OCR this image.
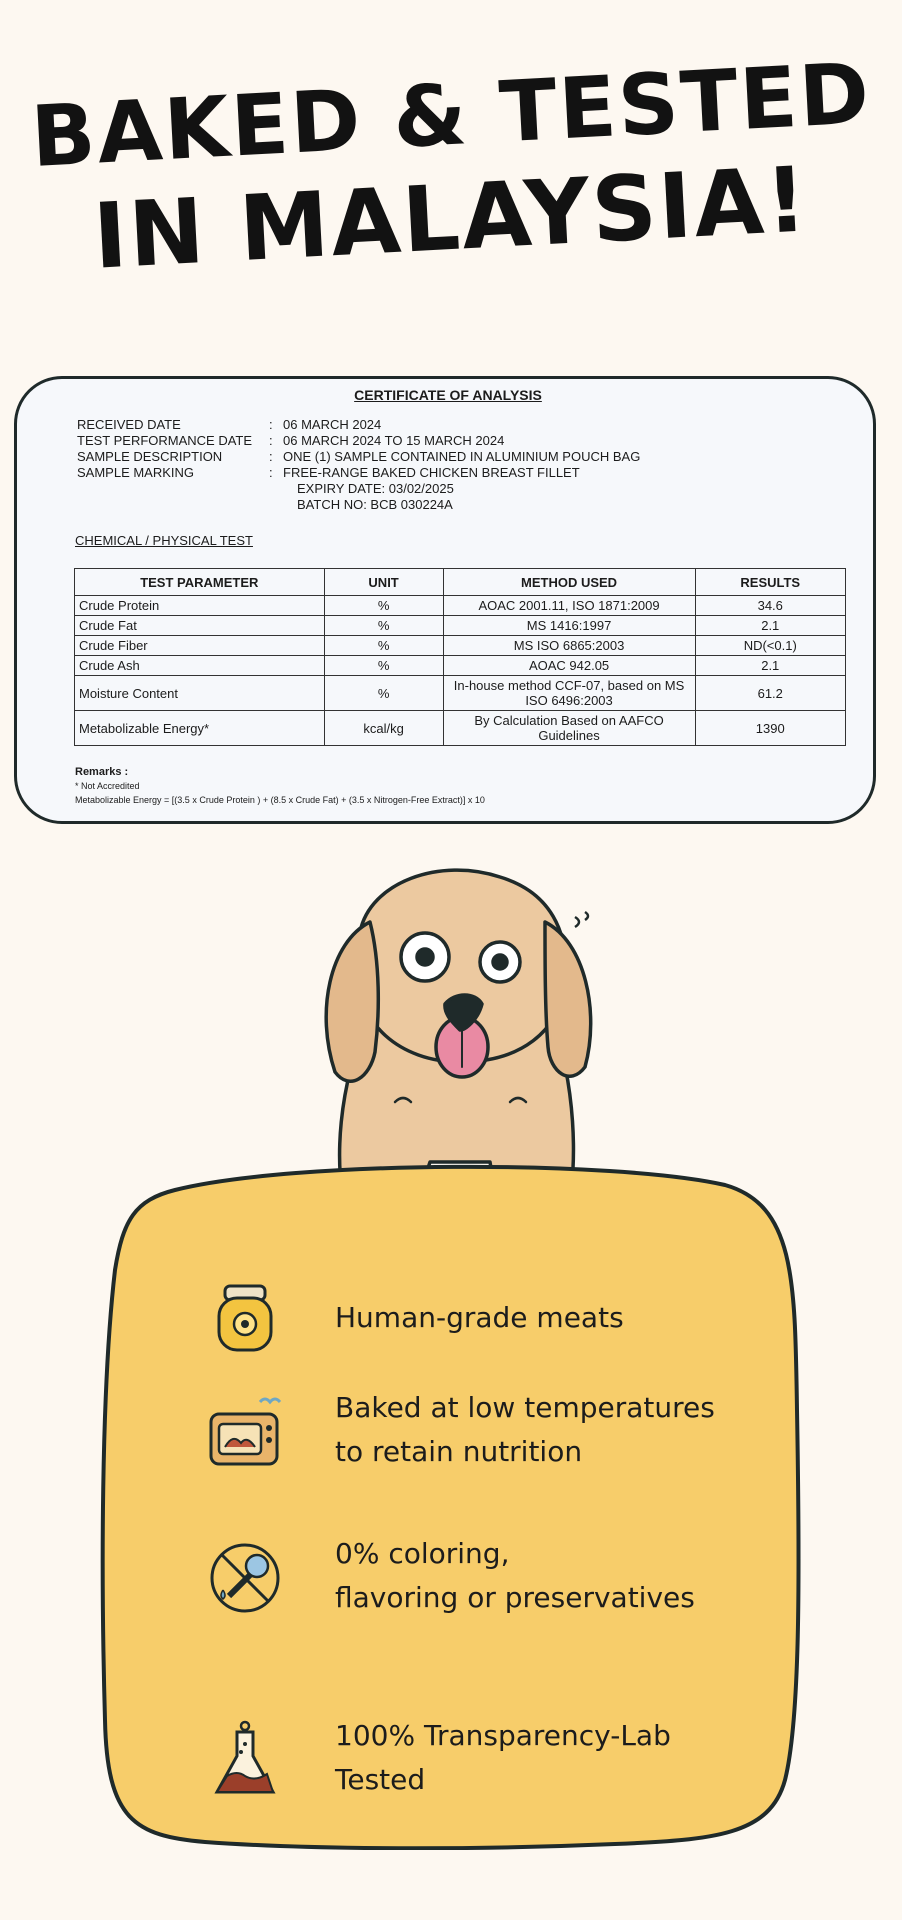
BAKED & TESTED
IN MALAYSIA!
CERTIFICATE OF ANALYSIS
RECEIVED DATE	: 06 MARCH 2024
TEST PERFORMANCE DATE	: 06 MARCH 2024 TO 15 MARCH 2024
SAMPLE DESCRIPTION	: ONE (1) SAMPLE CONTAINED IN ALUMINIUM POUCH BAG
SAMPLE MARKING	: FREE-RANGE BAKED CHICKEN BREAST FILLET
EXPIRY DATE: 03/02/2025
BATCH NO: BCB 030224A
CHEMICAL / PHYSICAL TEST
TEST PARAMETER	UNIT	METHOD USED	RESULTS
Crude Protein	%	AOAC 2001.11, ISO 1871:2009	34.6
Crude Fat	%	MS 1416:1997	2.1
Crude Fiber	%	MS ISO 6865:2003	ND(<0.1)
Crude Ash	%	AOAC 942.05	2.1
Moisture Content	%	In-house method CCF-07, based on MS ISO 6496:2003	61.2
Metabolizable Energy*	kcal/kg	By Calculation Based on AAFCO Guidelines	1390
Remarks :
* Not Accredited
Metabolizable Energy = [(3.5 x Crude Protein ) + (8.5 x Crude Fat) + (3.5 x Nitrogen-Free Extract)] x 10
Human-grade meats
Baked at low temperatures
to retain nutrition
0% coloring,
flavoring or preservatives
100% Transparency-Lab
Tested
